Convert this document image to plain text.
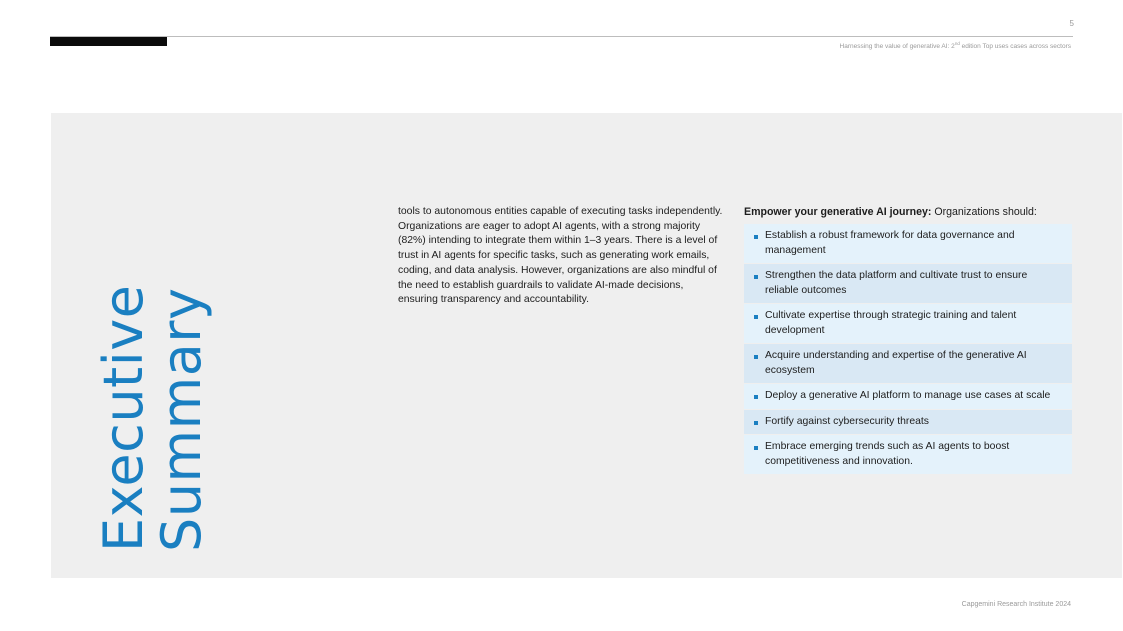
5
Harnessing the value of generative AI: 2nd edition Top uses cases across sectors
Executive
Summary

tools to autonomous entities capable of executing tasks independently. Organizations are eager to adopt AI agents, with a strong majority (82%) intending to integrate them within 1–3 years. There is a level of trust in AI agents for specific tasks, such as generating work emails, coding, and data analysis. However, organizations are also mindful of the need to establish guardrails to validate AI-made decisions, ensuring transparency and accountability.

Empower your generative AI journey: Organizations should:
Establish a robust framework for data governance and management
Strengthen the data platform and cultivate trust to ensure reliable outcomes
Cultivate expertise through strategic training and talent development
Acquire understanding and expertise of the generative AI ecosystem
Deploy a generative AI platform to manage use cases at scale
Fortify against cybersecurity threats
Embrace emerging trends such as AI agents to boost competitiveness and innovation.
Capgemini Research Institute 2024
